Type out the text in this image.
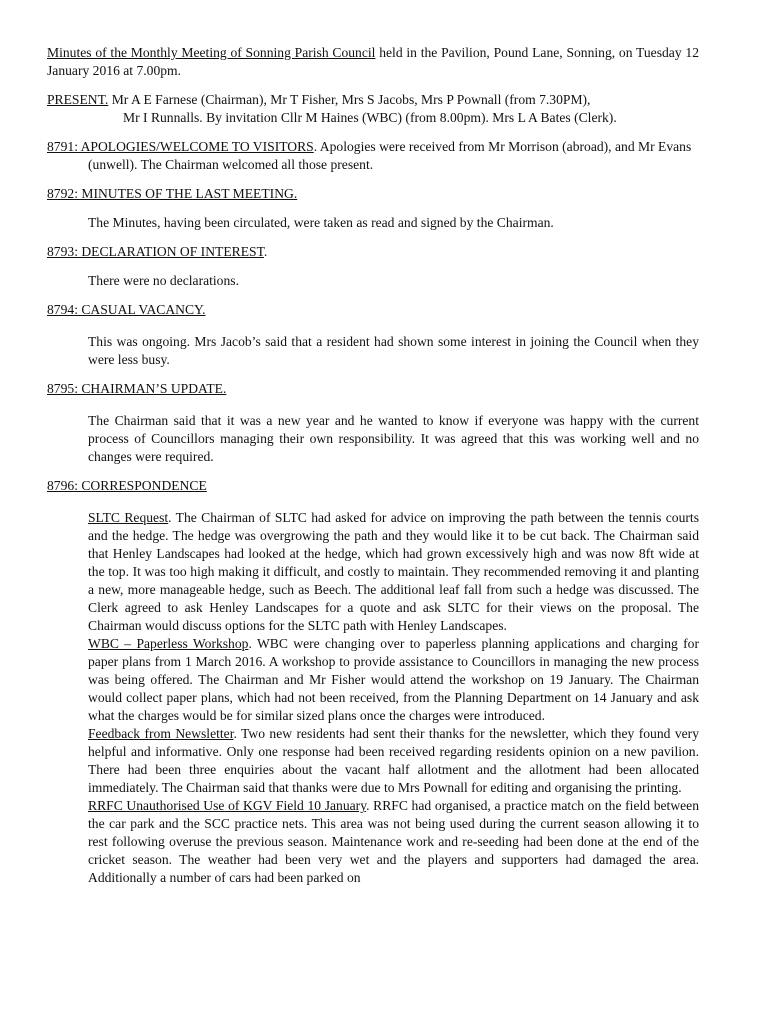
Minutes of the Monthly Meeting of Sonning Parish Council held in the Pavilion, Pound Lane, Sonning, on Tuesday 12 January 2016 at 7.00pm.

PRESENT. Mr A E Farnese (Chairman), Mr T Fisher, Mrs S Jacobs, Mrs P Pownall (from 7.30PM),

Mr I Runnalls. By invitation Cllr M Haines (WBC) (from 8.00pm). Mrs L A Bates (Clerk).

8791: APOLOGIES/WELCOME TO VISITORS. Apologies were received from Mr Morrison (abroad), and Mr Evans (unwell). The Chairman welcomed all those present.

8792: MINUTES OF THE LAST MEETING.

The Minutes, having been circulated, were taken as read and signed by the Chairman.

8793: DECLARATION OF INTEREST.

There were no declarations.

8794: CASUAL VACANCY.

This was ongoing. Mrs Jacob’s said that a resident had shown some interest in joining the Council when they were less busy.

8795: CHAIRMAN’S UPDATE.

The Chairman said that it was a new year and he wanted to know if everyone was happy with the current process of Councillors managing their own responsibility. It was agreed that this was working well and no changes were required.

8796: CORRESPONDENCE

SLTC Request. The Chairman of SLTC had asked for advice on improving the path between the tennis courts and the hedge. The hedge was overgrowing the path and they would like it to be cut back. The Chairman said that Henley Landscapes had looked at the hedge, which had grown excessively high and was now 8ft wide at the top. It was too high making it difficult, and costly to maintain. They recommended removing it and planting a new, more manageable hedge, such as Beech. The additional leaf fall from such a hedge was discussed. The Clerk agreed to ask Henley Landscapes for a quote and ask SLTC for their views on the proposal. The Chairman would discuss options for the SLTC path with Henley Landscapes.

WBC – Paperless Workshop. WBC were changing over to paperless planning applications and charging for paper plans from 1 March 2016. A workshop to provide assistance to Councillors in managing the new process was being offered. The Chairman and Mr Fisher would attend the workshop on 19 January. The Chairman would collect paper plans, which had not been received, from the Planning Department on 14 January and ask what the charges would be for similar sized plans once the charges were introduced.

Feedback from Newsletter. Two new residents had sent their thanks for the newsletter, which they found very helpful and informative. Only one response had been received regarding residents opinion on a new pavilion. There had been three enquiries about the vacant half allotment and the allotment had been allocated immediately. The Chairman said that thanks were due to Mrs Pownall for editing and organising the printing.

RRFC Unauthorised Use of KGV Field 10 January. RRFC had organised, a practice match on the field between the car park and the SCC practice nets. This area was not being used during the current season allowing it to rest following overuse the previous season. Maintenance work and re-seeding had been done at the end of the cricket season. The weather had been very wet and the players and supporters had damaged the area. Additionally a number of cars had been parked on
